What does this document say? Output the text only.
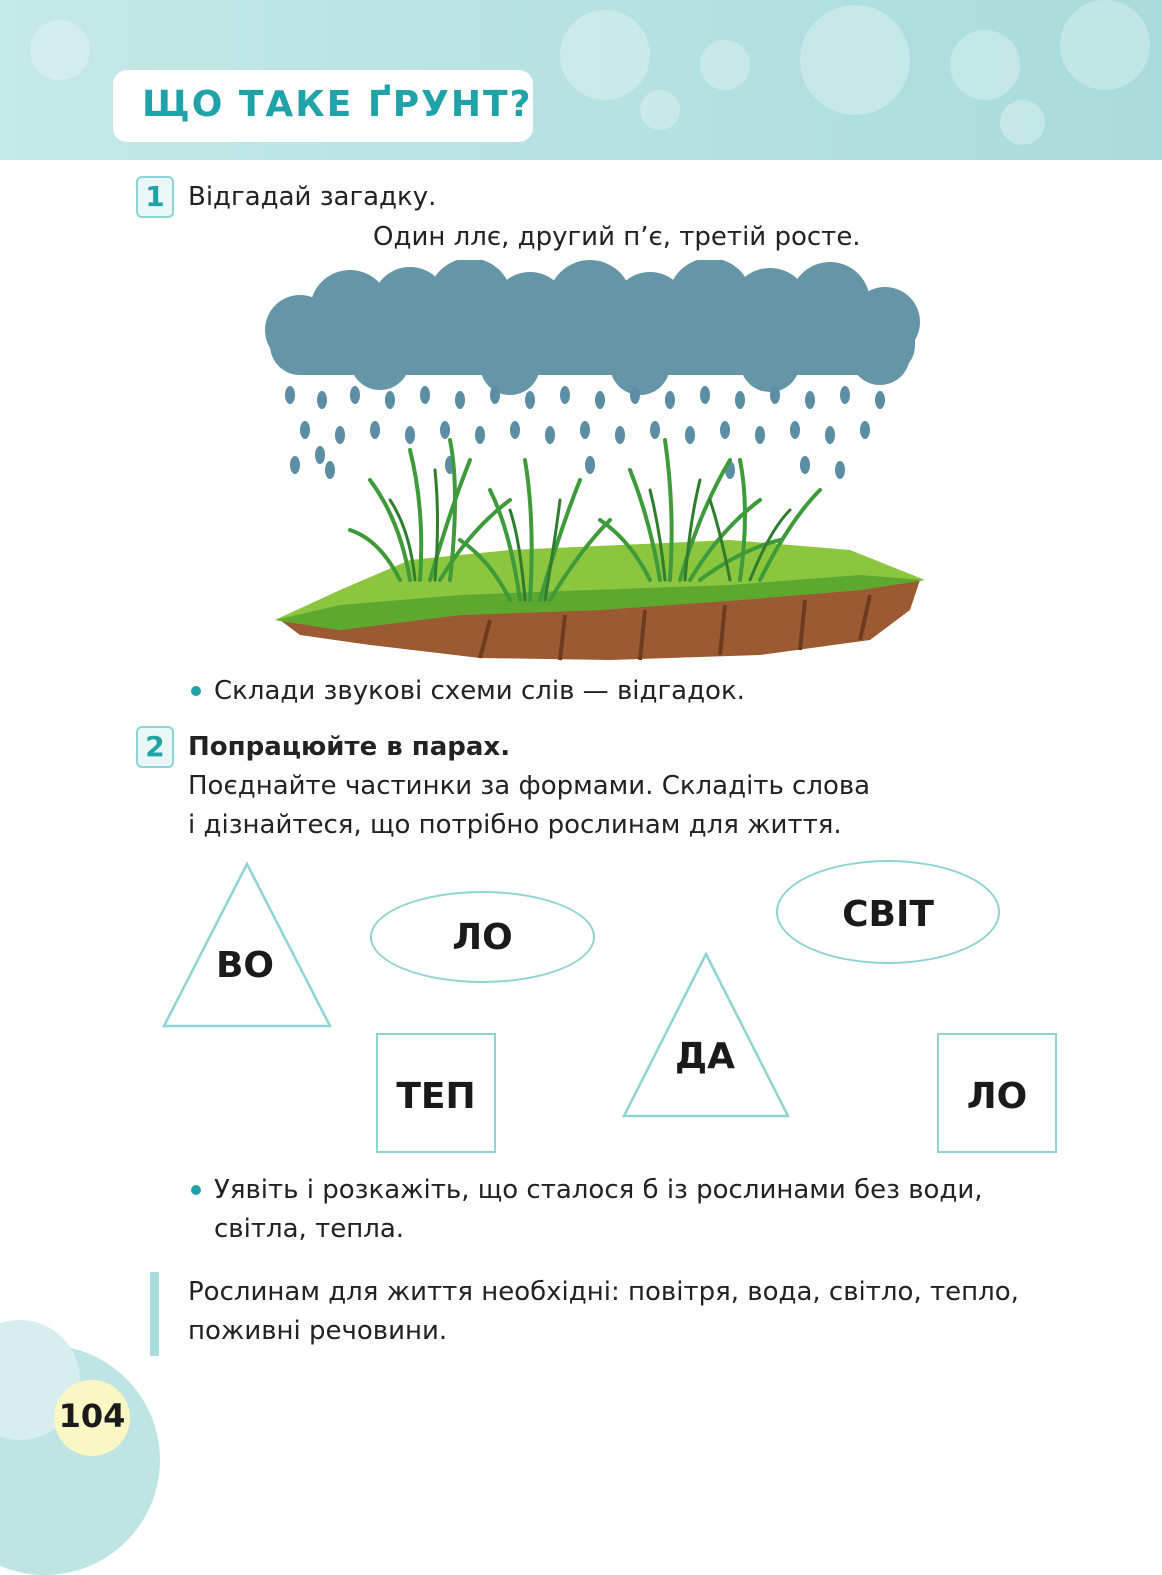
ЩО ТАКЕ ҐРУНТ?
1 Відгадай загадку.
Один ллє, другий п’є, третій росте.
Склади звукові схеми слів — відгадок.
2 Попрацюйте в парах.
Поєднайте частинки за формами. Складіть слова
і дізнайтеся, що потрібно рослинам для життя.
ВО
ЛО
СВІТ
ДА
ТЕП	ЛО
Уявіть і розкажіть, що сталося б із рослинами без води,
світла, тепла.
Рослинам для життя необхідні: повітря, вода, світло, тепло,
поживні речовини.
104
